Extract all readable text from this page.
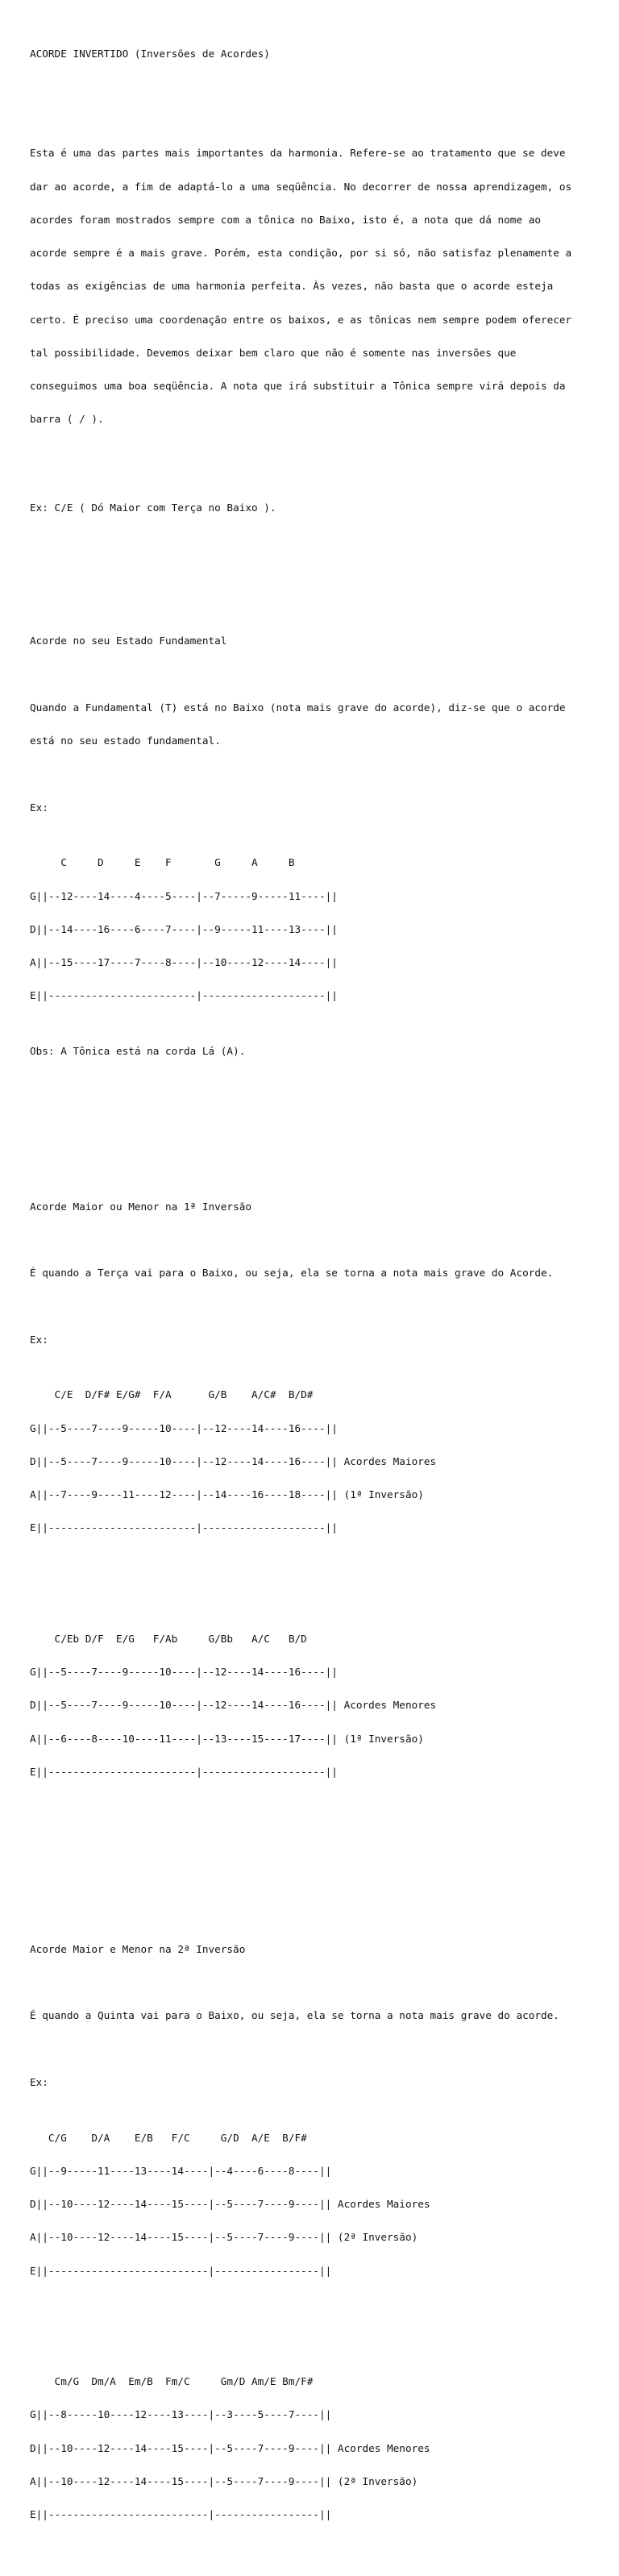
ACORDE INVERTIDO (Inversões de Acordes)

Esta é uma das partes mais importantes da harmonia. Refere-se ao tratamento que se deve

dar ao acorde, a fim de adaptá-lo a uma seqüência. No decorrer de nossa aprendizagem, os

acordes foram mostrados sempre com a tônica no Baixo, isto é, a nota que dá nome ao

acorde sempre é a mais grave. Porém, esta condição, por si só, não satisfaz plenamente a

todas as exigências de uma harmonia perfeita. Às vezes, não basta que o acorde esteja

certo. É preciso uma coordenação entre os baixos, e as tônicas nem sempre podem oferecer

tal possibilidade. Devemos deixar bem claro que não é somente nas inversões que

conseguimos uma boa seqüência. A nota que irá substituir a Tônica sempre virá depois da

barra ( / ).

Ex: C/E ( Dó Maior com Terça no Baixo ).

Acorde no seu Estado Fundamental

Quando a Fundamental (T) está no Baixo (nota mais grave do acorde), diz-se que o acorde

está no seu estado fundamental.

Ex:

C     D     E    F       G     A     B

G||--12----14----4----5----|--7-----9-----11----||

D||--14----16----6----7----|--9-----11----13----||

A||--15----17----7----8----|--10----12----14----||

E||------------------------|--------------------||

Obs: A Tônica está na corda Lá (A).

Acorde Maior ou Menor na 1ª Inversão

É quando a Terça vai para o Baixo, ou seja, ela se torna a nota mais grave do Acorde.

Ex:

C/E  D/F# E/G#  F/A      G/B    A/C#  B/D#

G||--5----7----9-----10----|--12----14----16----||

D||--5----7----9-----10----|--12----14----16----|| Acordes Maiores

A||--7----9----11----12----|--14----16----18----|| (1ª Inversão)

E||------------------------|--------------------||

C/Eb D/F  E/G   F/Ab     G/Bb   A/C   B/D

G||--5----7----9-----10----|--12----14----16----||

D||--5----7----9-----10----|--12----14----16----|| Acordes Menores

A||--6----8----10----11----|--13----15----17----|| (1ª Inversão)

E||------------------------|--------------------||

Acorde Maior e Menor na 2ª Inversão

É quando a Quinta vai para o Baixo, ou seja, ela se torna a nota mais grave do acorde.

Ex:

C/G    D/A    E/B   F/C     G/D  A/E  B/F#

G||--9-----11----13----14----|--4----6----8----||

D||--10----12----14----15----|--5----7----9----|| Acordes Maiores

A||--10----12----14----15----|--5----7----9----|| (2ª Inversão)

E||--------------------------|-----------------||

Cm/G  Dm/A  Em/B  Fm/C     Gm/D Am/E Bm/F#

G||--8-----10----12----13----|--3----5----7----||

D||--10----12----14----15----|--5----7----9----|| Acordes Menores

A||--10----12----14----15----|--5----7----9----|| (2ª Inversão)

E||--------------------------|-----------------||
